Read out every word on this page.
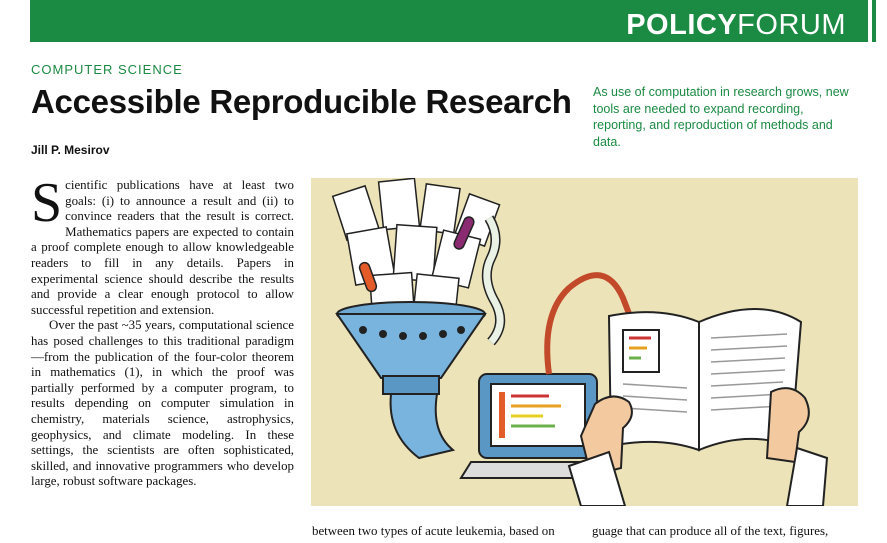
POLICYFORUM
COMPUTER SCIENCE
Accessible Reproducible Research
Jill P. Mesirov
As use of computation in research grows, new tools are needed to expand recording, reporting, and reproduction of methods and data.

Scientific publications have at least two goals: (i) to announce a result and (ii) to convince readers that the result is correct. Mathematics papers are expected to contain a proof complete enough to allow knowledgeable readers to fill in any details. Papers in experimental science should describe the results and provide a clear enough protocol to allow successful repetition and extension.

Over the past ~35 years, computational science has posed challenges to this traditional paradigm—from the publication of the four-color theorem in mathematics (1), in which the proof was partially performed by a computer program, to results depending on computer simulation in chemistry, materials science, astrophysics, geophysics, and climate modeling. In these settings, the scientists are often sophisticated, skilled, and innovative programmers who develop large, robust software packages.

between two types of acute leukemia, based on	guage that can produce all of the text, figures,
